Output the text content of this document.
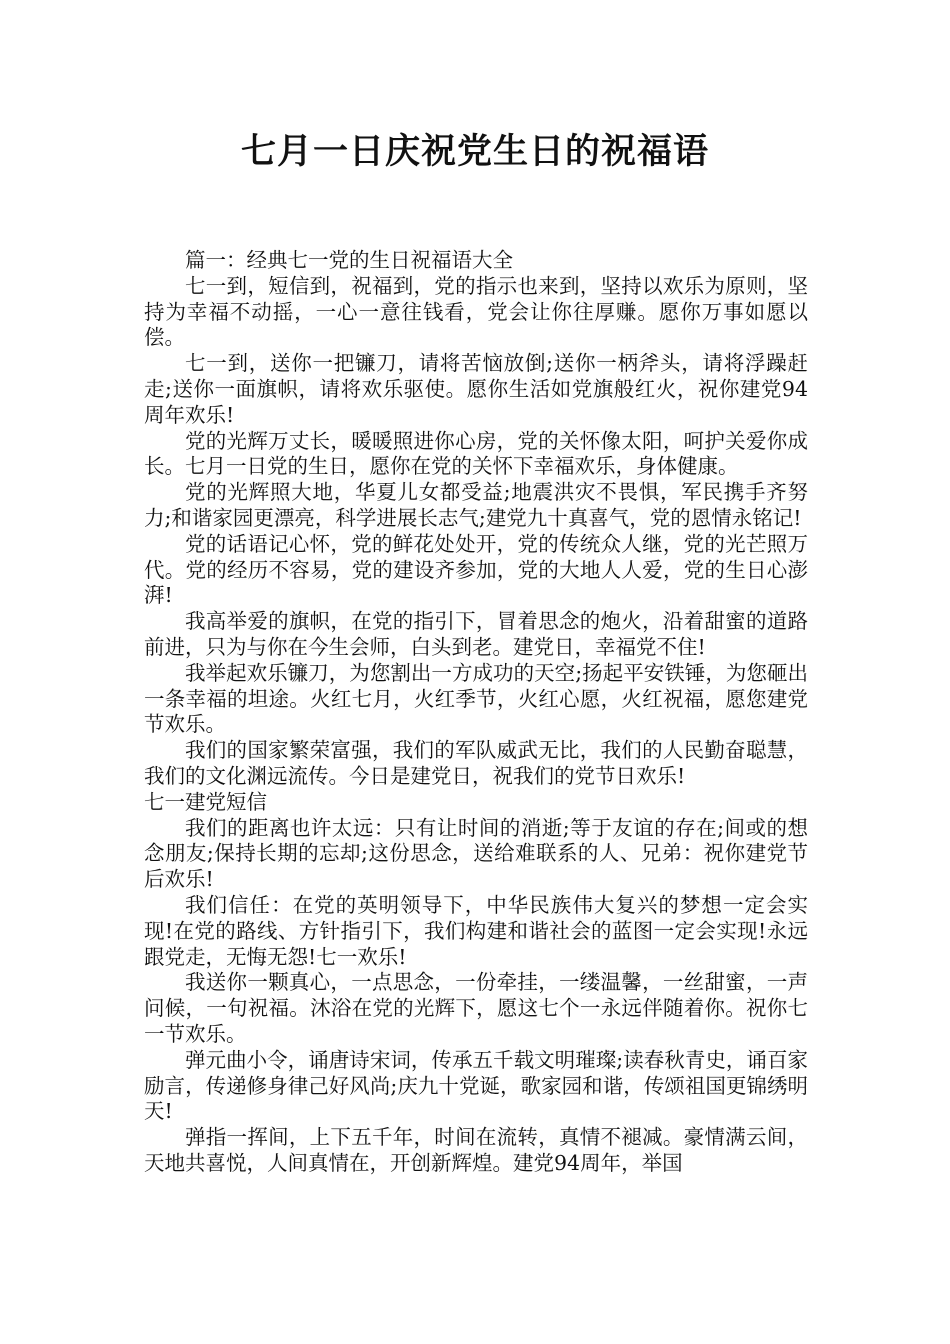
七月一日庆祝党生日的祝福语

篇一：经典七一党的生日祝福语大全

七一到，短信到，祝福到，党的指示也来到，坚持以欢乐为原则，坚持为幸福不动摇，一心一意往钱看，党会让你往厚赚。愿你万事如愿以偿。

七一到，送你一把镰刀，请将苦恼放倒;送你一柄斧头，请将浮躁赶走;送你一面旗帜，请将欢乐驱使。愿你生活如党旗般红火，祝你建党94周年欢乐!

党的光辉万丈长，暖暖照进你心房，党的关怀像太阳，呵护关爱你成长。七月一日党的生日，愿你在党的关怀下幸福欢乐，身体健康。

党的光辉照大地，华夏儿女都受益;地震洪灾不畏惧，军民携手齐努力;和谐家园更漂亮，科学进展长志气;建党九十真喜气，党的恩情永铭记!

党的话语记心怀，党的鲜花处处开，党的传统众人继，党的光芒照万代。党的经历不容易，党的建设齐参加，党的大地人人爱，党的生日心澎湃!

我高举爱的旗帜，在党的指引下，冒着思念的炮火，沿着甜蜜的道路前进，只为与你在今生会师，白头到老。建党日，幸福党不住!

我举起欢乐镰刀，为您割出一方成功的天空;扬起平安铁锤，为您砸出一条幸福的坦途。火红七月，火红季节，火红心愿，火红祝福，愿您建党节欢乐。

我们的国家繁荣富强，我们的军队威武无比，我们的人民勤奋聪慧，我们的文化渊远流传。今日是建党日，祝我们的党节日欢乐!

七一建党短信

我们的距离也许太远：只有让时间的消逝;等于友谊的存在;间或的想念朋友;保持长期的忘却;这份思念，送给难联系的人、兄弟：祝你建党节后欢乐!

我们信任：在党的英明领导下，中华民族伟大复兴的梦想一定会实现!在党的路线、方针指引下，我们构建和谐社会的蓝图一定会实现!永远跟党走，无悔无怨!七一欢乐!

我送你一颗真心，一点思念，一份牵挂，一缕温馨，一丝甜蜜，一声问候，一句祝福。沐浴在党的光辉下，愿这七个一永远伴随着你。祝你七一节欢乐。

弹元曲小令，诵唐诗宋词，传承五千载文明璀璨;读春秋青史，诵百家励言，传递修身律己好风尚;庆九十党诞，歌家园和谐，传颂祖国更锦绣明天!

弹指一挥间，上下五千年，时间在流转，真情不褪减。豪情满云间，天地共喜悦，人间真情在，开创新辉煌。建党94周年，举国
